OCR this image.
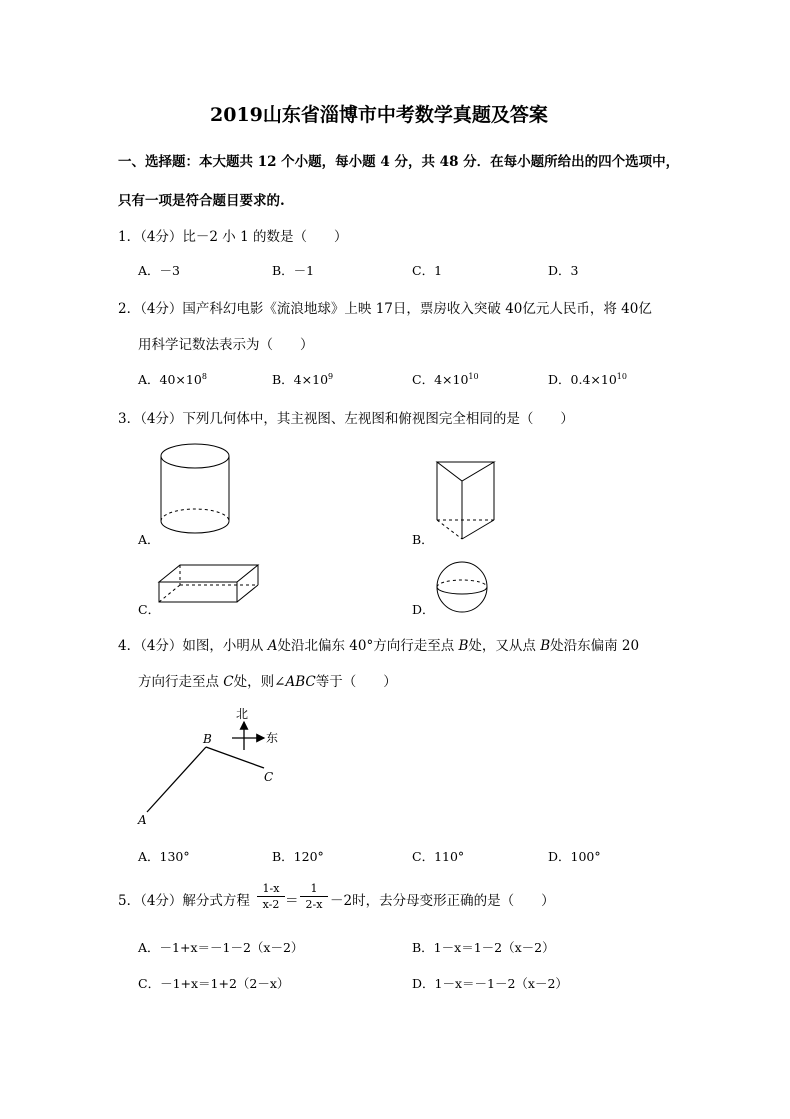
2019山东省淄博市中考数学真题及答案
一、选择题：本大题共 12 个小题，每小题 4 分，共 48 分．在每小题所给出的四个选项中，
只有一项是符合题目要求的.
1．（4分）比－2 小 1 的数是（　　）
A．－3	B．－1	C．1	D．3
2．（4分）国产科幻电影《流浪地球》上映 17日，票房收入突破 40亿元人民币，将 40亿
用科学记数法表示为（　　）
A．$40\times 10^8$	B．$4\times 10^9$	C．$4\times 10^{10}$	D．$0.4\times 10^{10}$
3．（4分）下列几何体中，其主视图、左视图和俯视图完全相同的是（　　）
A．	B．
C．	D．
4．（4分）如图，小明从 A处沿北偏东 40°方向行走至点 B处，又从点 B处沿东偏南 20
方向行走至点 C处，则∠ABC等于（　　）
北
东
A
B
C
A．130°	B．120°	C．110°	D．100°
5．（4分）解分式方程 $\frac{1-x}{x-2} = \frac{1}{2-x} -2$时，去分母变形正确的是（　　）
A．－1+x＝－1－2（x－2）	B．1－x＝1－2（x－2）
C．－1+x＝1+2（2－x）	D．1－x＝－1－2（x－2）
